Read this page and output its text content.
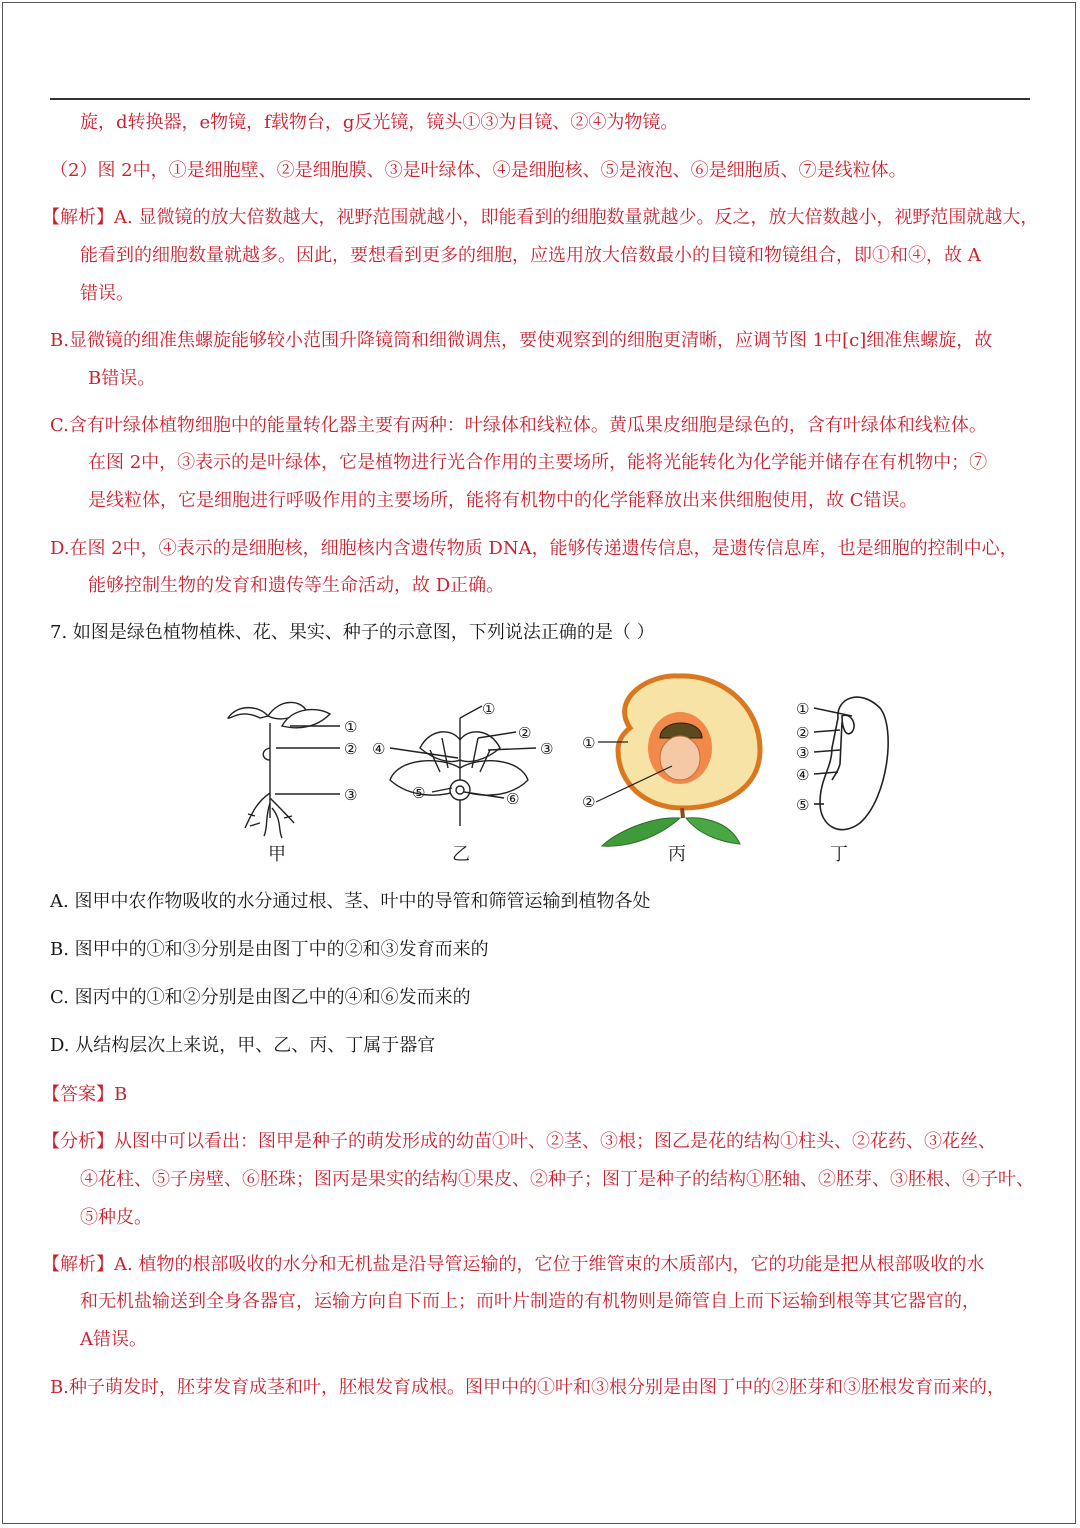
旋，d转换器，e物镜，f载物台，g反光镜，镜头①③为目镜、②④为物镜。
（2）图 2中，①是细胞壁、②是细胞膜、③是叶绿体、④是细胞核、⑤是液泡、⑥是细胞质、⑦是线粒体。
【解析】A. 显微镜的放大倍数越大，视野范围就越小，即能看到的细胞数量就越少。反之，放大倍数越小，视野范围就越大，
能看到的细胞数量就越多。因此，要想看到更多的细胞，应选用放大倍数最小的目镜和物镜组合，即①和④，故 A
错误。
B.显微镜的细准焦螺旋能够较小范围升降镜筒和细微调焦，要使观察到的细胞更清晰，应调节图 1中[c]细准焦螺旋，故
B错误。
C.含有叶绿体植物细胞中的能量转化器主要有两种：叶绿体和线粒体。黄瓜果皮细胞是绿色的，含有叶绿体和线粒体。
在图 2中，③表示的是叶绿体，它是植物进行光合作用的主要场所，能将光能转化为化学能并储存在有机物中；⑦
是线粒体，它是细胞进行呼吸作用的主要场所，能将有机物中的化学能释放出来供细胞使用，故 C错误。
D.在图 2中，④表示的是细胞核，细胞核内含遗传物质 DNA，能够传递遗传信息，是遗传信息库，也是细胞的控制中心，
能够控制生物的发育和遗传等生命活动，故 D正确。
7. 如图是绿色植物植株、花、果实、种子的示意图，下列说法正确的是（ ）
①
②
③
甲
①
②
③
④
⑤	⑥
乙
①
②
丙
①
②
③
④
⑤
丁
A. 图甲中农作物吸收的水分通过根、茎、叶中的导管和筛管运输到植物各处
B. 图甲中的①和③分别是由图丁中的②和③发育而来的
C. 图丙中的①和②分别是由图乙中的④和⑥发而来的
D. 从结构层次上来说，甲、乙、丙、丁属于器官
【答案】B
【分析】从图中可以看出：图甲是种子的萌发形成的幼苗①叶、②茎、③根；图乙是花的结构①柱头、②花药、③花丝、
④花柱、⑤子房壁、⑥胚珠；图丙是果实的结构①果皮、②种子；图丁是种子的结构①胚轴、②胚芽、③胚根、④子叶、
⑤种皮。
【解析】A. 植物的根部吸收的水分和无机盐是沿导管运输的，它位于维管束的木质部内，它的功能是把从根部吸收的水
和无机盐输送到全身各器官，运输方向自下而上；而叶片制造的有机物则是筛管自上而下运输到根等其它器官的，
A错误。
B.种子萌发时，胚芽发育成茎和叶，胚根发育成根。图甲中的①叶和③根分别是由图丁中的②胚芽和③胚根发育而来的，
